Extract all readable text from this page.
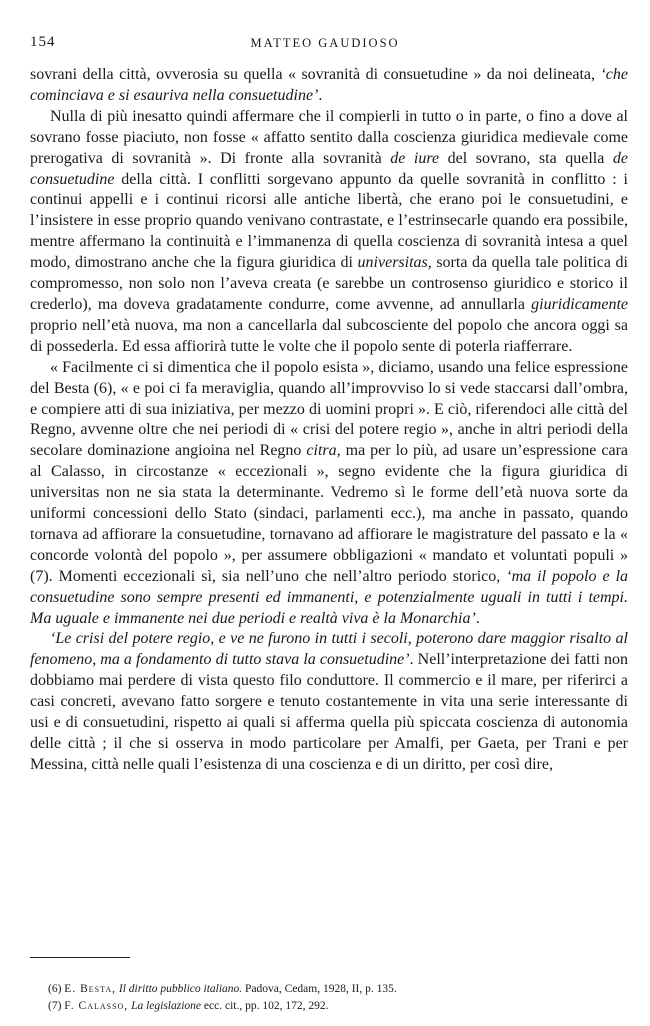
154	MATTEO GAUDIOSO

sovrani della città, ovverosia su quella « sovranità di consuetudine » da noi delineata, ‘che cominciava e si esauriva nella consuetudine’.

Nulla di più inesatto quindi affermare che il compierli in tutto o in parte, o fino a dove al sovrano fosse piaciuto, non fosse « affatto sentito dalla coscienza giuridica medievale come prerogativa di sovranità ». Di fronte alla sovranità de iure del sovrano, sta quella de consuetudine della città. I conflitti sorgevano appunto da quelle sovranità in conflitto : i continui appelli e i continui ricorsi alle antiche libertà, che erano poi le consuetudini, e l’insistere in esse proprio quando venivano contrastate, e l’estrinsecarle quando era possibile, mentre affermano la continuità e l’immanenza di quella coscienza di sovranità intesa a quel modo, dimostrano anche che la figura giuridica di universitas, sorta da quella tale politica di compromesso, non solo non l’aveva creata (e sarebbe un controsenso giuridico e storico il crederlo), ma doveva gradatamente condurre, come avvenne, ad annullarla giuridicamente proprio nell’età nuova, ma non a cancellarla dal subcosciente del popolo che ancora oggi sa di possederla. Ed essa affiorirà tutte le volte che il popolo sente di poterla riafferrare.

« Facilmente ci si dimentica che il popolo esista », diciamo, usando una felice espressione del Besta (6), « e poi ci fa meraviglia, quando all’improvviso lo si vede staccarsi dall’ombra, e compiere atti di sua iniziativa, per mezzo di uomini propri ». E ciò, riferendoci alle città del Regno, avvenne oltre che nei periodi di « crisi del potere regio », anche in altri periodi della secolare dominazione angioina nel Regno citra, ma per lo più, ad usare un’espressione cara al Calasso, in circostanze « eccezionali », segno evidente che la figura giuridica di universitas non ne sia stata la determinante. Vedremo sì le forme dell’età nuova sorte da uniformi concessioni dello Stato (sindaci, parlamenti ecc.), ma anche in passato, quando tornava ad affiorare la consuetudine, tornavano ad affiorare le magistrature del passato e la « concorde volontà del popolo », per assumere obbligazioni « mandato et voluntati populi » (7). Momenti eccezionali sì, sia nell’uno che nell’altro periodo storico, ‘ma il popolo e la consuetudine sono sempre presenti ed immanenti, e potenzialmente uguali in tutti i tempi. Ma uguale e immanente nei due periodi e realtà viva è la Monarchia’.

‘Le crisi del potere regio, e ve ne furono in tutti i secoli, poterono dare maggior risalto al fenomeno, ma a fondamento di tutto stava la consuetudine’. Nell’interpretazione dei fatti non dobbiamo mai perdere di vista questo filo conduttore. Il commercio e il mare, per riferirci a casi concreti, avevano fatto sorgere e tenuto costantemente in vita una serie interessante di usi e di consuetudini, rispetto ai quali si afferma quella più spiccata coscienza di autonomia delle città ; il che si osserva in modo particolare per Amalfi, per Gaeta, per Trani e per Messina, città nelle quali l’esistenza di una coscienza e di un diritto, per così dire,

(6) E. Besta, Il diritto pubblico italiano. Padova, Cedam, 1928, II, p. 135.
(7) F. Calasso, La legislazione ecc. cit., pp. 102, 172, 292.
